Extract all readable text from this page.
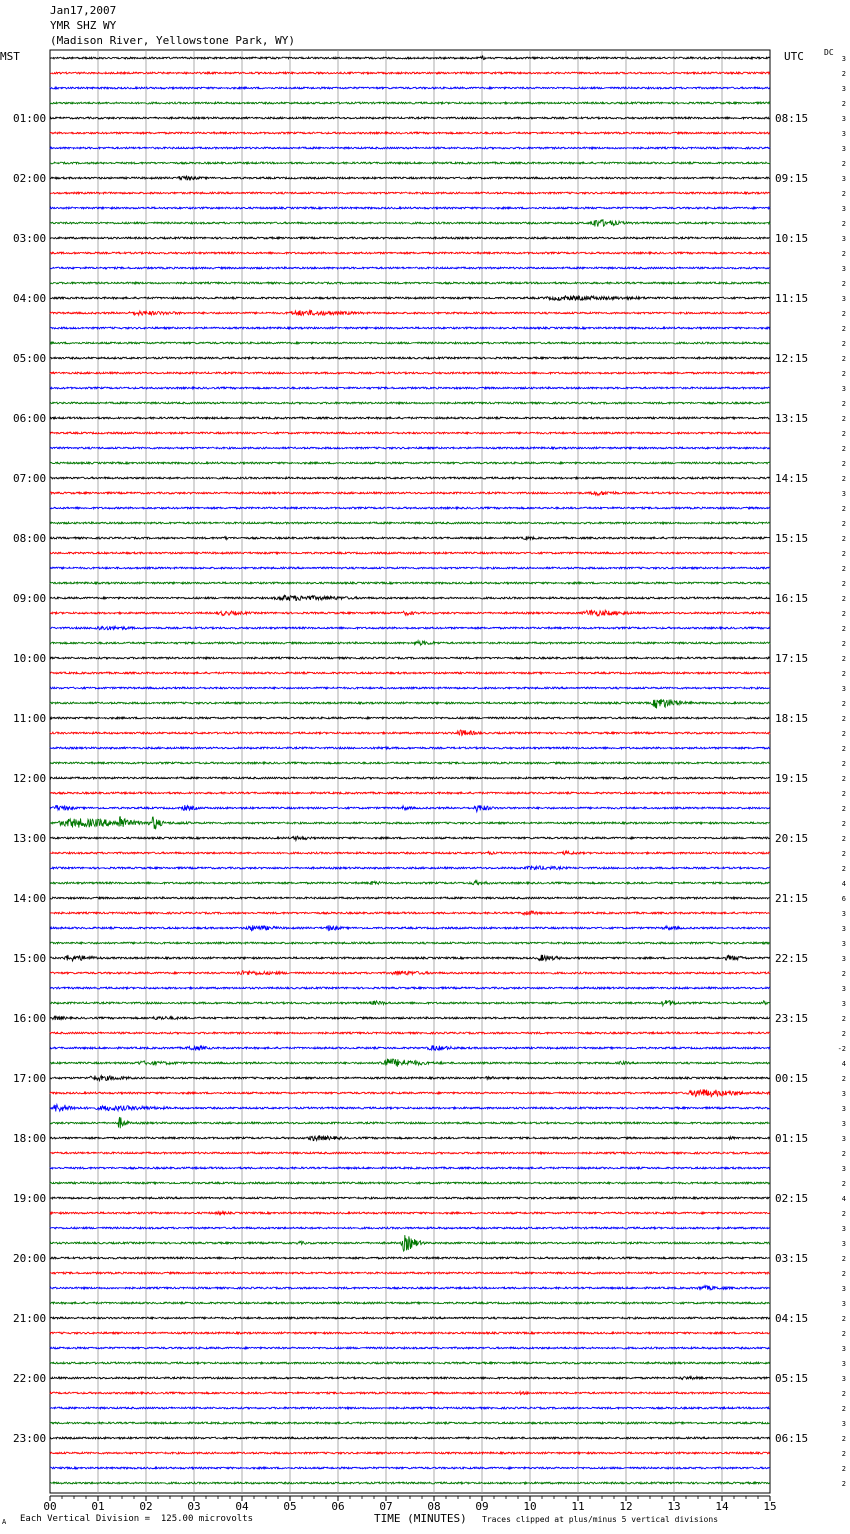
01:00
02:00
03:00
04:00
05:00
06:00
07:00
08:00
09:00
10:00
11:00
12:00
13:00
14:00
15:00
16:00
17:00
18:00
19:00
20:00
21:00
22:00
23:00
08:15
09:15
10:15
11:15
12:15
13:15
14:15
15:15
16:15
17:15
18:15
19:15
20:15
21:15
22:15
23:15
00:15
01:15
02:15
03:15
04:15
05:15
06:15
3
2
3
2
3
3
3
2
3
2
3
2
3
2
3
2
3
2
2
2
2
2
3
2
2
2
2
2
2
3
2
2
2
2
2
2
2
2
2
2
2
2
3
2
2
2
2
2
2
2
2
2
2
2
2
4
6
3
3
3
3
2
3
3
2
2
-2
4
2
3
3
3
3
2
3
2
4
2
3
3
2
2
3
3
2
2
3
3
3
2
2
3
2
2
2
2
00	01	02	03	04	05	06	07	08	09	10	11	12	13	14	15
Jan17,2007
YMR SHZ WY
(Madison River, Yellowstone Park, WY)
MST	UTC	DC
A Each Vertical Division =  125.00 microvolts	TIME (MINUTES) Traces clipped at plus/minus 5 vertical divisions
